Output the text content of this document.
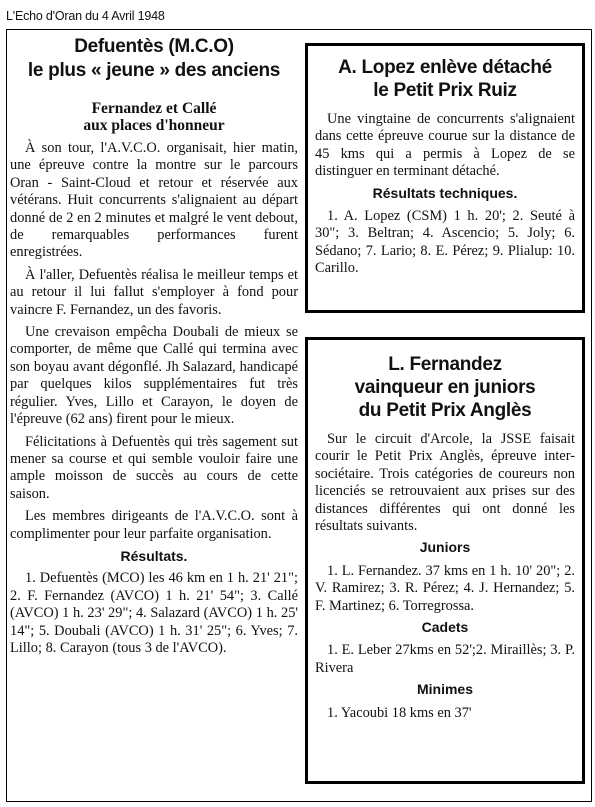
L'Echo d'Oran du 4 Avril 1948
Defuentès (M.C.O)
le plus « jeune » des anciens
Fernandez et Callé
aux places d'honneur

À son tour, l'A.V.C.O. organisait, hier matin, une épreuve contre la montre sur le parcours Oran - Saint-Cloud et retour et réservée aux vétérans. Huit concurrents s'alignaient au départ donné de 2 en 2 minutes et malgré le vent debout, de remarquables performances furent enregistrées.

À l'aller, Defuentès réalisa le meilleur temps et au retour il lui fallut s'employer à fond pour vaincre F. Fernandez, un des favoris.

Une crevaison empêcha Doubali de mieux se comporter, de même que Callé qui termina avec son boyau avant dégonflé. Jh Salazard, handicapé par quelques kilos supplémentaires fut très régulier. Yves, Lillo et Carayon, le doyen de l'épreuve (62 ans) firent pour le mieux.

Félicitations à Defuentès qui très sagement sut mener sa course et qui semble vouloir faire une ample moisson de succès au cours de cette saison.

Les membres dirigeants de l'A.V.C.O. sont à complimenter pour leur parfaite organisation.

Résultats.

1. Defuentès (MCO) les 46 km en 1 h. 21' 21"; 2. F. Fernandez (AVCO) 1 h. 21' 54"; 3. Callé (AVCO) 1 h. 23' 29"; 4. Salazard (AVCO) 1 h. 25' 14"; 5. Doubali (AVCO) 1 h. 31' 25"; 6. Yves; 7. Lillo; 8. Carayon (tous 3 de l'AVCO).

A. Lopez enlève détaché
le Petit Prix Ruiz

Une vingtaine de concurrents s'alignaient dans cette épreuve courue sur la distance de 45 kms qui a permis à Lopez de se distinguer en terminant détaché.

Résultats techniques.

1. A. Lopez (CSM) 1 h. 20'; 2. Seuté à 30"; 3. Beltran; 4. Ascencio; 5. Joly; 6. Sédano; 7. Lario; 8. E. Pérez; 9. Plialup: 10. Carillo.

L. Fernandez
vainqueur en juniors
du Petit Prix Anglès

Sur le circuit d'Arcole, la JSSE faisait courir le Petit Prix Anglès, épreuve inter-sociétaire. Trois catégories de coureurs non licenciés se retrouvaient aux prises sur des distances différentes qui ont donné les résultats suivants.

Juniors

1. L. Fernandez. 37 kms en 1 h. 10' 20"; 2. V. Ramirez; 3. R. Pérez; 4. J. Hernandez; 5. F. Martinez; 6. Torregrossa.

Cadets

1. E. Leber 27kms en 52';2. Miraillès; 3. P. Rivera

Minimes

1. Yacoubi 18 kms en 37'
